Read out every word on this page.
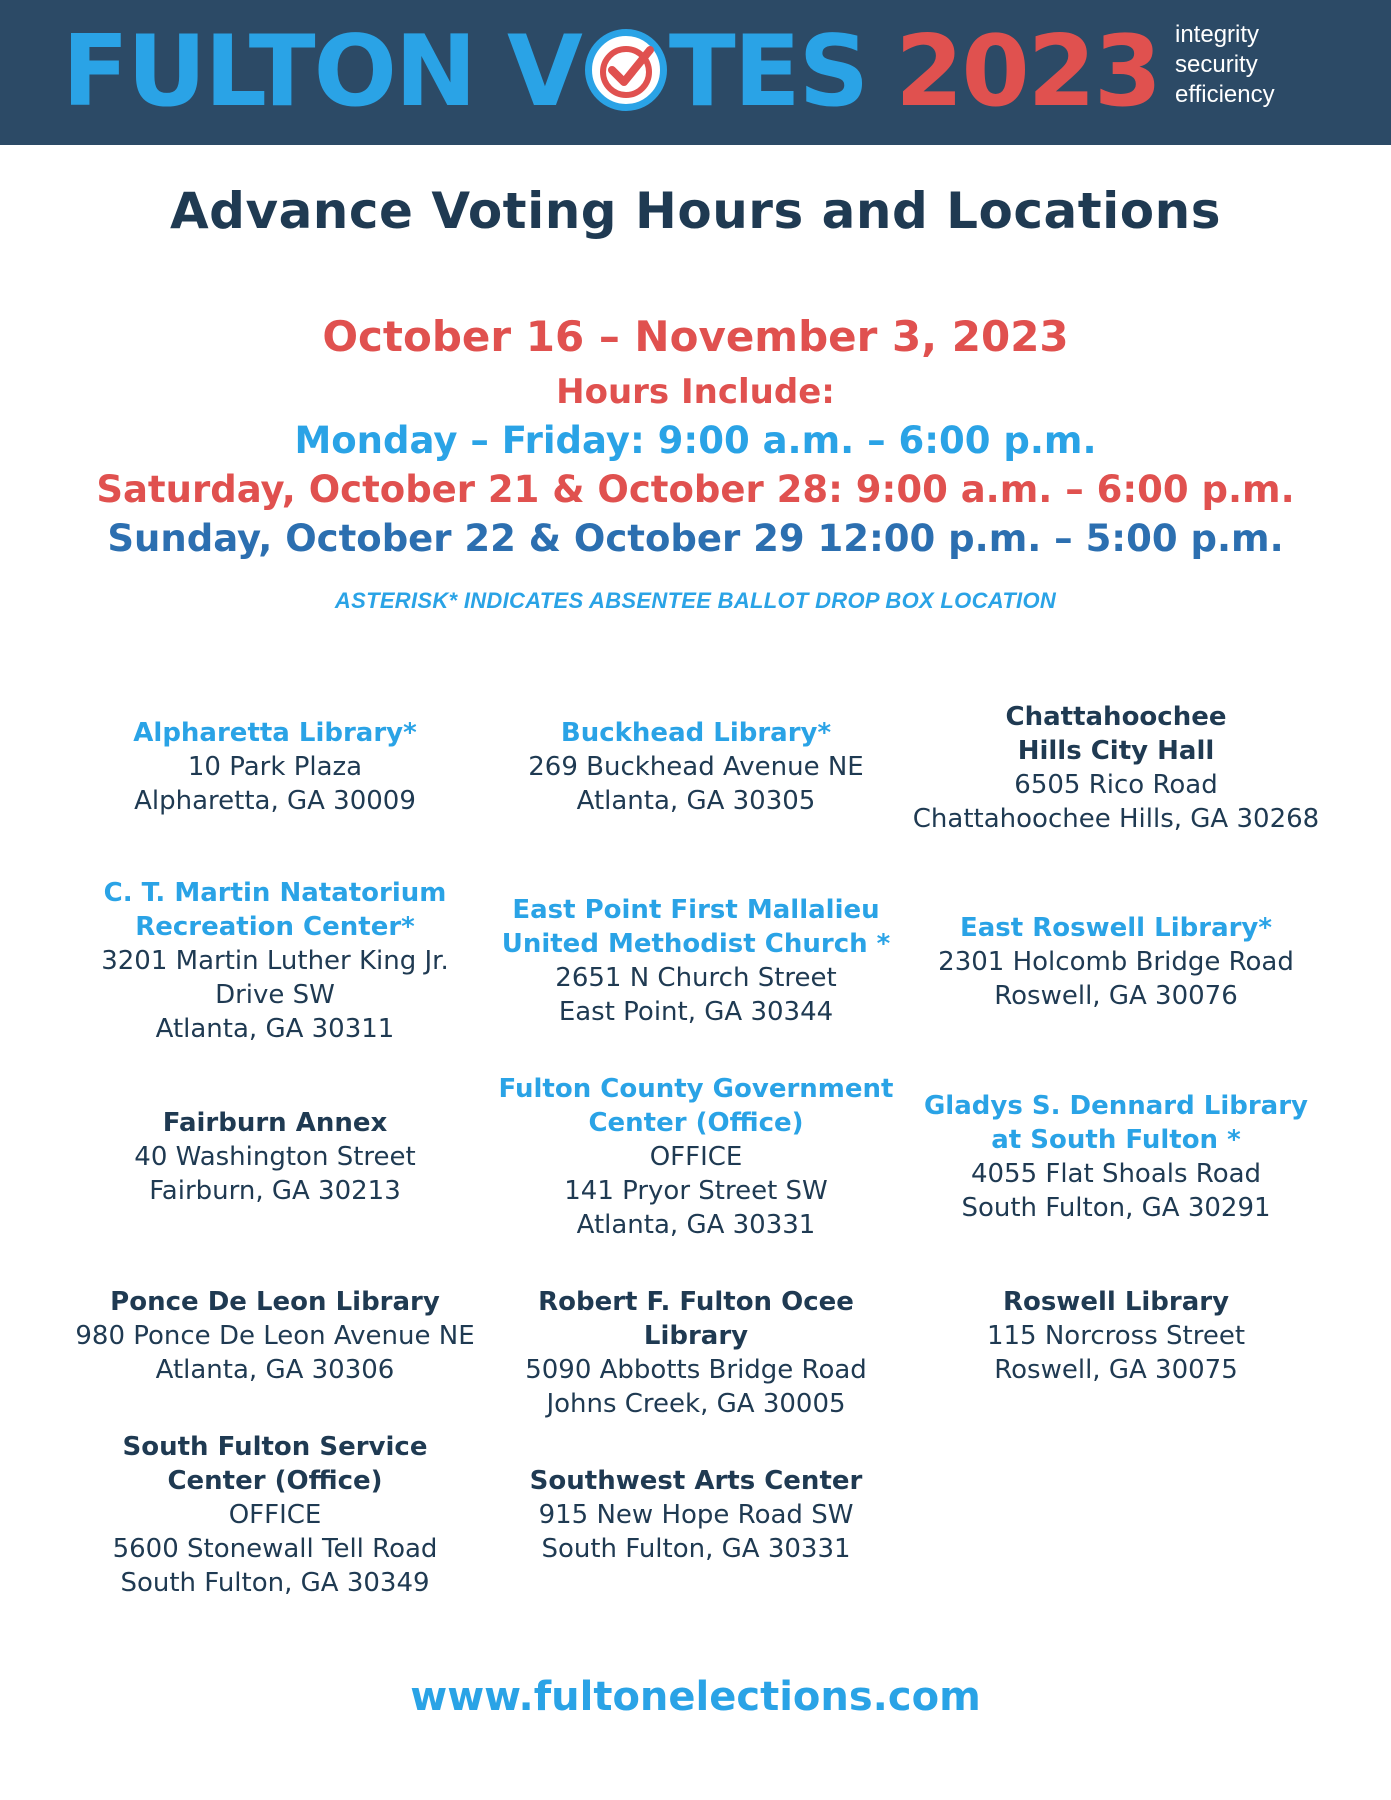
FULTON V TES 2023 integrity
security
efficiency
Advance Voting Hours and Locations
October 16 – November 3, 2023
Hours Include:
Monday – Friday: 9:00 a.m. – 6:00 p.m.
Saturday, October 21 & October 28: 9:00 a.m. – 6:00 p.m.
Sunday, October 22 & October 29 12:00 p.m. – 5:00 p.m.
ASTERISK* INDICATES ABSENTEE BALLOT DROP BOX LOCATION
Alpharetta Library*
10 Park Plaza
Alpharetta, GA 30009
Buckhead Library*
269 Buckhead Avenue NE
Atlanta, GA 30305
Chattahoochee Hills City Hall
6505 Rico Road
Chattahoochee Hills, GA 30268
C. T. Martin Natatorium Recreation Center*
3201 Martin Luther King Jr. Drive SW
Atlanta, GA 30311
East Point First Mallalieu United Methodist Church *
2651 N Church Street
East Point, GA 30344
East Roswell Library*
2301 Holcomb Bridge Road
Roswell, GA 30076
Fairburn Annex
40 Washington Street
Fairburn, GA 30213
Fulton County Government Center (Office)
OFFICE
141 Pryor Street SW
Atlanta, GA 30331
Gladys S. Dennard Library at South Fulton *
4055 Flat Shoals Road
South Fulton, GA 30291
Ponce De Leon Library
980 Ponce De Leon Avenue NE
Atlanta, GA 30306
Robert F. Fulton Ocee Library
5090 Abbotts Bridge Road
Johns Creek, GA 30005
Roswell Library
115 Norcross Street
Roswell, GA 30075
South Fulton Service Center (Office)
OFFICE
5600 Stonewall Tell Road
South Fulton, GA 30349
Southwest Arts Center
915 New Hope Road SW
South Fulton, GA 30331
www.fultonelections.com
